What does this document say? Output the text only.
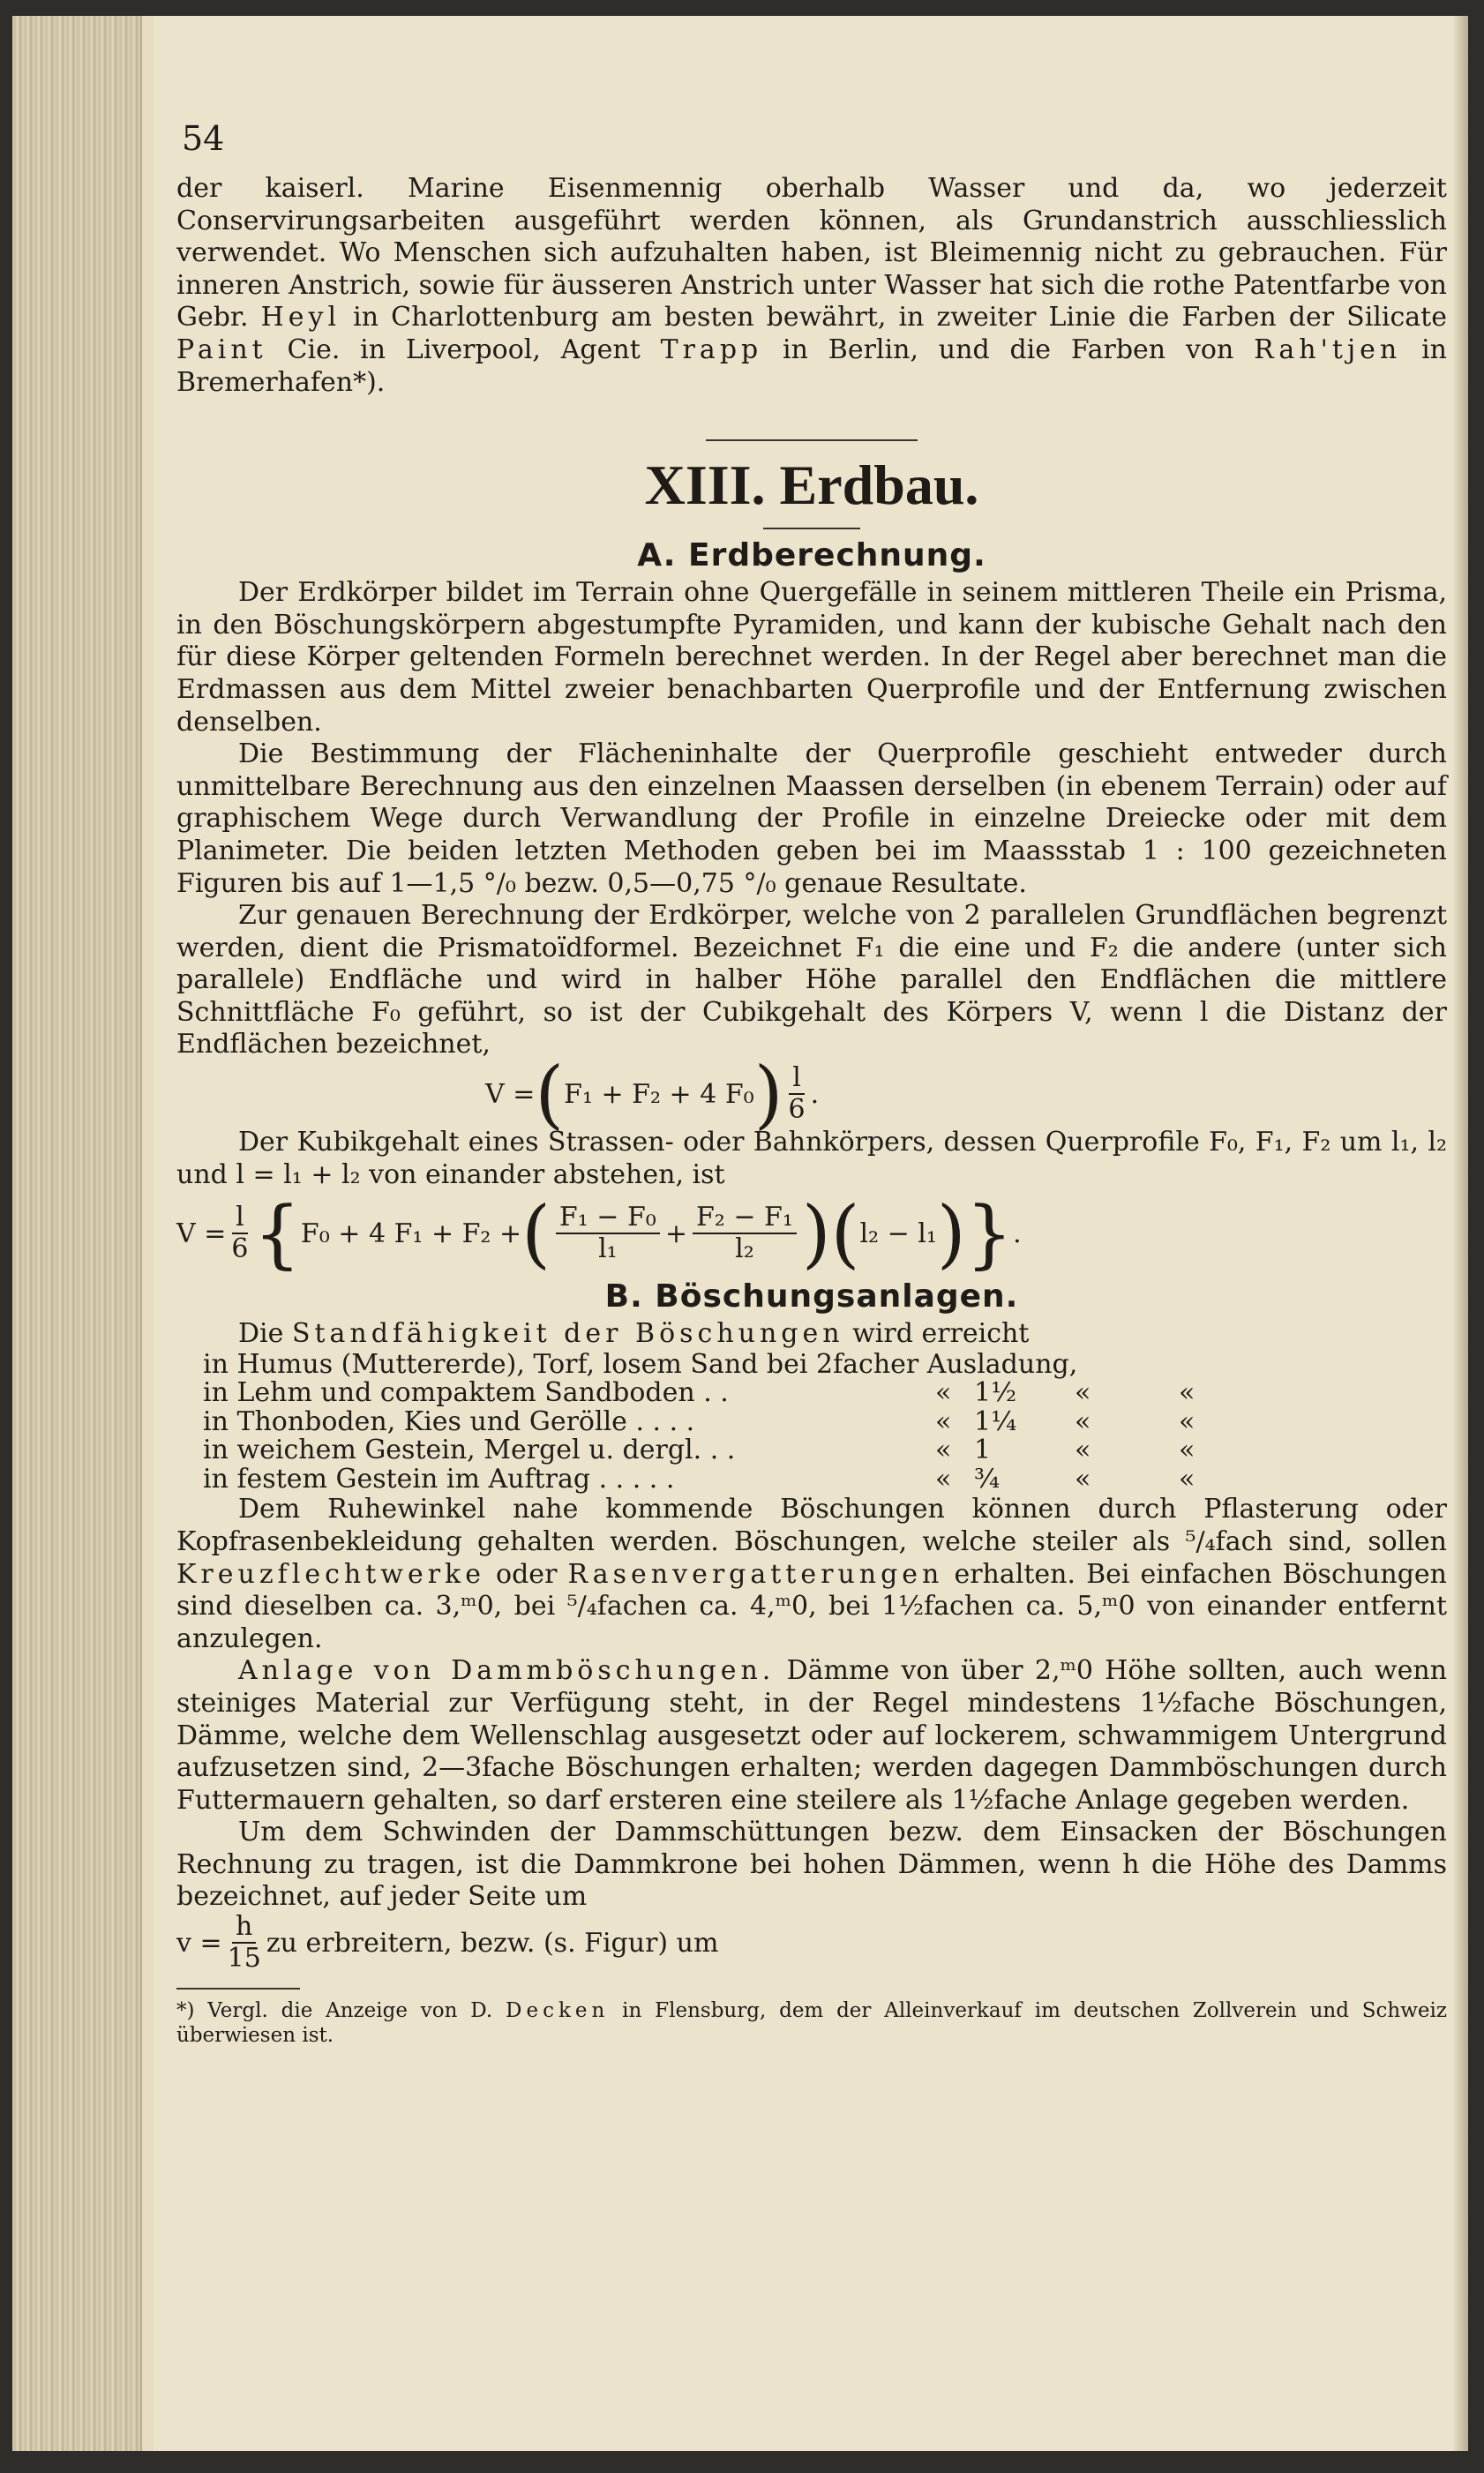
54

der kaiserl. Marine Eisenmennig oberhalb Wasser und da, wo jederzeit Conservirungsarbeiten ausgeführt werden können, als Grundanstrich ausschliesslich verwendet. Wo Menschen sich aufzuhalten haben, ist Bleimennig nicht zu gebrauchen. Für inneren Anstrich, sowie für äusseren Anstrich unter Wasser hat sich die rothe Patentfarbe von Gebr. Heyl in Charlottenburg am besten bewährt, in zweiter Linie die Farben der Silicate Paint Cie. in Liverpool, Agent Trapp in Berlin, und die Farben von Rah'tjen in Bremerhafen*).

XIII. Erdbau.
A. Erdberechnung.

Der Erdkörper bildet im Terrain ohne Quergefälle in seinem mittleren Theile ein Prisma, in den Böschungskörpern abgestumpfte Pyramiden, und kann der kubische Gehalt nach den für diese Körper geltenden Formeln berechnet werden. In der Regel aber berechnet man die Erdmassen aus dem Mittel zweier benachbarten Querprofile und der Entfernung zwischen denselben.

Die Bestimmung der Flächeninhalte der Querprofile geschieht entweder durch unmittelbare Berechnung aus den einzelnen Maassen derselben (in ebenem Terrain) oder auf graphischem Wege durch Verwandlung der Profile in einzelne Dreiecke oder mit dem Planimeter. Die beiden letzten Methoden geben bei im Maassstab 1 : 100 gezeichneten Figuren bis auf 1—1,5 °/₀ bezw. 0,5—0,75 °/₀ genaue Resultate.

Zur genauen Berechnung der Erdkörper, welche von 2 parallelen Grundflächen begrenzt werden, dient die Prismatoïdformel. Bezeichnet F₁ die eine und F₂ die andere (unter sich parallele) Endfläche und wird in halber Höhe parallel den Endflächen die mittlere Schnittfläche F₀ geführt, so ist der Cubikgehalt des Körpers V, wenn l die Distanz der Endflächen bezeichnet,

V = ( F₁ + F₂ + 4 F₀ ) $\frac{l}{6}$ .

Der Kubikgehalt eines Strassen- oder Bahnkörpers, dessen Querprofile F₀, F₁, F₂ um l₁, l₂ und l = l₁ + l₂ von einander abstehen, ist

$V = \frac{l}{6}$ { F₀ + 4 F₁ + F₂ + ( $\frac{\text{F₁ − F₀}}{\text{l₁}} + \frac{\text{F₂ − F₁}}{\text{l₂}}$ ) ( l₂ − l₁ ) } .
B. Böschungsanlagen.

Die Standfähigkeit der Böschungen wird erreicht

in Humus (Muttererde), Torf, losem Sand bei 2facher Ausladung,
in Lehm und compaktem Sandboden . .	« 1½	«	«
in Thonboden, Kies und Gerölle . . . .	« 1¼	«	«
in weichem Gestein, Mergel u. dergl. . .	« 1	«	«
in festem Gestein im Auftrag . . . . .	« ¾	«	«

Dem Ruhewinkel nahe kommende Böschungen können durch Pflasterung oder Kopfrasenbekleidung gehalten werden. Böschungen, welche steiler als ⁵/₄fach sind, sollen Kreuzflechtwerke oder Rasenvergatterungen erhalten. Bei einfachen Böschungen sind dieselben ca. 3,ᵐ0, bei ⁵/₄fachen ca. 4,ᵐ0, bei 1½fachen ca. 5,ᵐ0 von einander entfernt anzulegen.

Anlage von Dammböschungen. Dämme von über 2,ᵐ0 Höhe sollten, auch wenn steiniges Material zur Verfügung steht, in der Regel mindestens 1½fache Böschungen, Dämme, welche dem Wellenschlag ausgesetzt oder auf lockerem, schwammigem Untergrund aufzusetzen sind, 2—3fache Böschungen erhalten; werden dagegen Dammböschungen durch Futtermauern gehalten, so darf ersteren eine steilere als 1½fache Anlage gegeben werden.

Um dem Schwinden der Dammschüttungen bezw. dem Einsacken der Böschungen Rechnung zu tragen, ist die Dammkrone bei hohen Dämmen, wenn h die Höhe des Damms bezeichnet, auf jeder Seite um

$v = \frac{h}{15}$ zu erbreitern, bezw. (s. Figur) um

*) Vergl. die Anzeige von D. Decken in Flensburg, dem der Alleinverkauf im deutschen Zollverein und Schweiz überwiesen ist.
